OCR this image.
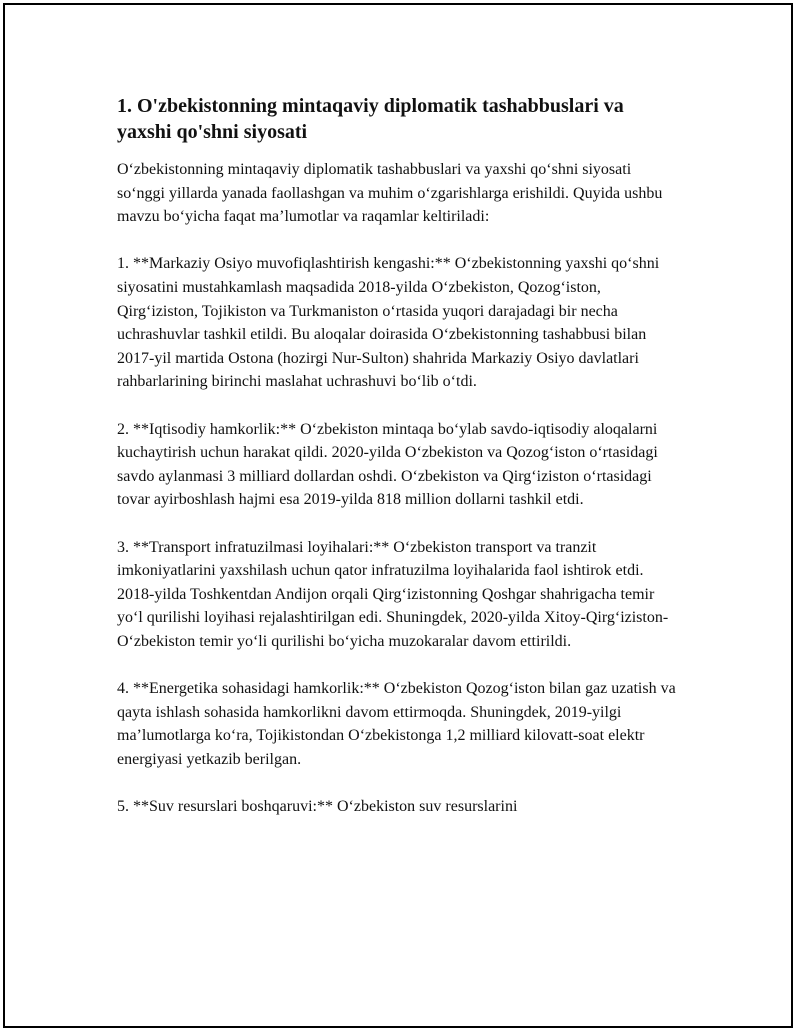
1. O'zbekistonning mintaqaviy diplomatik tashabbuslari va yaxshi qo'shni siyosati

O‘zbekistonning mintaqaviy diplomatik tashabbuslari va yaxshi qo‘shni siyosati so‘nggi yillarda yanada faollashgan va muhim o‘zgarishlarga erishildi. Quyida ushbu mavzu bo‘yicha faqat ma’lumotlar va raqamlar keltiriladi:

1. **Markaziy Osiyo muvofiqlashtirish kengashi:** O‘zbekistonning yaxshi qo‘shni siyosatini mustahkamlash maqsadida 2018-yilda O‘zbekiston, Qozog‘iston, Qirg‘iziston, Tojikiston va Turkmaniston o‘rtasida yuqori darajadagi bir necha uchrashuvlar tashkil etildi. Bu aloqalar doirasida O‘zbekistonning tashabbusi bilan 2017-yil martida Ostona (hozirgi Nur-Sulton) shahrida Markaziy Osiyo davlatlari rahbarlarining birinchi maslahat uchrashuvi bo‘lib o‘tdi.

2. **Iqtisodiy hamkorlik:** O‘zbekiston mintaqa bo‘ylab savdo-iqtisodiy aloqalarni kuchaytirish uchun harakat qildi. 2020-yilda O‘zbekiston va Qozog‘iston o‘rtasidagi savdo aylanmasi 3 milliard dollardan oshdi. O‘zbekiston va Qirg‘iziston o‘rtasidagi tovar ayirboshlash hajmi esa 2019-yilda 818 million dollarni tashkil etdi.

3. **Transport infratuzilmasi loyihalari:** O‘zbekiston transport va tranzit imkoniyatlarini yaxshilash uchun qator infratuzilma loyihalarida faol ishtirok etdi. 2018-yilda Toshkentdan Andijon orqali Qirg‘izistonning Qoshgar shahrigacha temir yo‘l qurilishi loyihasi rejalashtirilgan edi. Shuningdek, 2020-yilda Xitoy-Qirg‘iziston-O‘zbekiston temir yo‘li qurilishi bo‘yicha muzokaralar davom ettirildi.

4. **Energetika sohasidagi hamkorlik:** O‘zbekiston Qozog‘iston bilan gaz uzatish va qayta ishlash sohasida hamkorlikni davom ettirmoqda. Shuningdek, 2019-yilgi ma’lumotlarga ko‘ra, Tojikistondan O‘zbekistonga 1,2 milliard kilovatt-soat elektr energiyasi yetkazib berilgan.

5. **Suv resurslari boshqaruvi:** O‘zbekiston suv resurslarini
